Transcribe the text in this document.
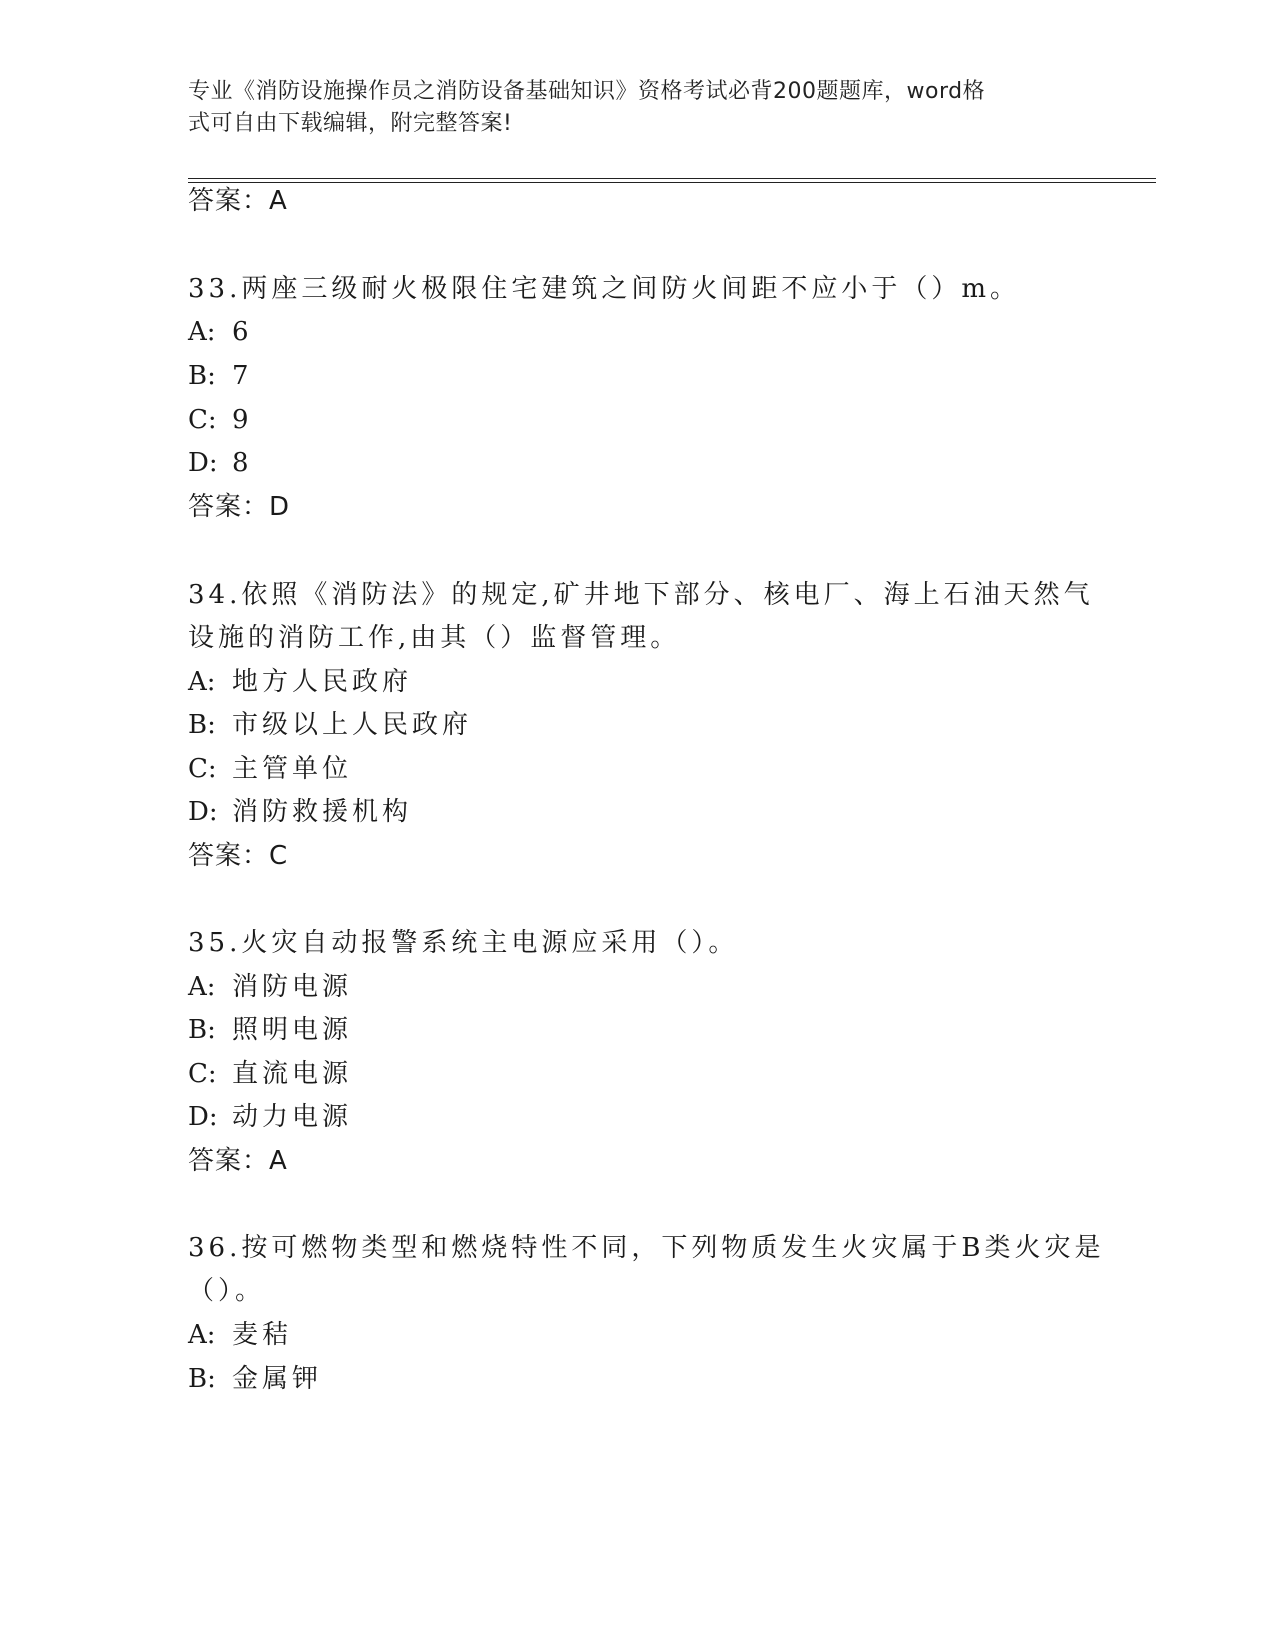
专业《消防设施操作员之消防设备基础知识》资格考试必背200题题库，word格
式可自由下载编辑，附完整答案!
答案：A
33.两座三级耐火极限住宅建筑之间防火间距不应小于（）m。
A: 6
B: 7
C: 9
D: 8
答案：D
34.依照《消防法》的规定,矿井地下部分、核电厂、海上石油天然气
设施的消防工作,由其（）监督管理。
A: 地方人民政府
B: 市级以上人民政府
C: 主管单位
D: 消防救援机构
答案：C
35.火灾自动报警系统主电源应采用（）。
A: 消防电源
B: 照明电源
C: 直流电源
D: 动力电源
答案：A
36.按可燃物类型和燃烧特性不同，下列物质发生火灾属于B类火灾是
（）。
A: 麦秸
B: 金属钾
